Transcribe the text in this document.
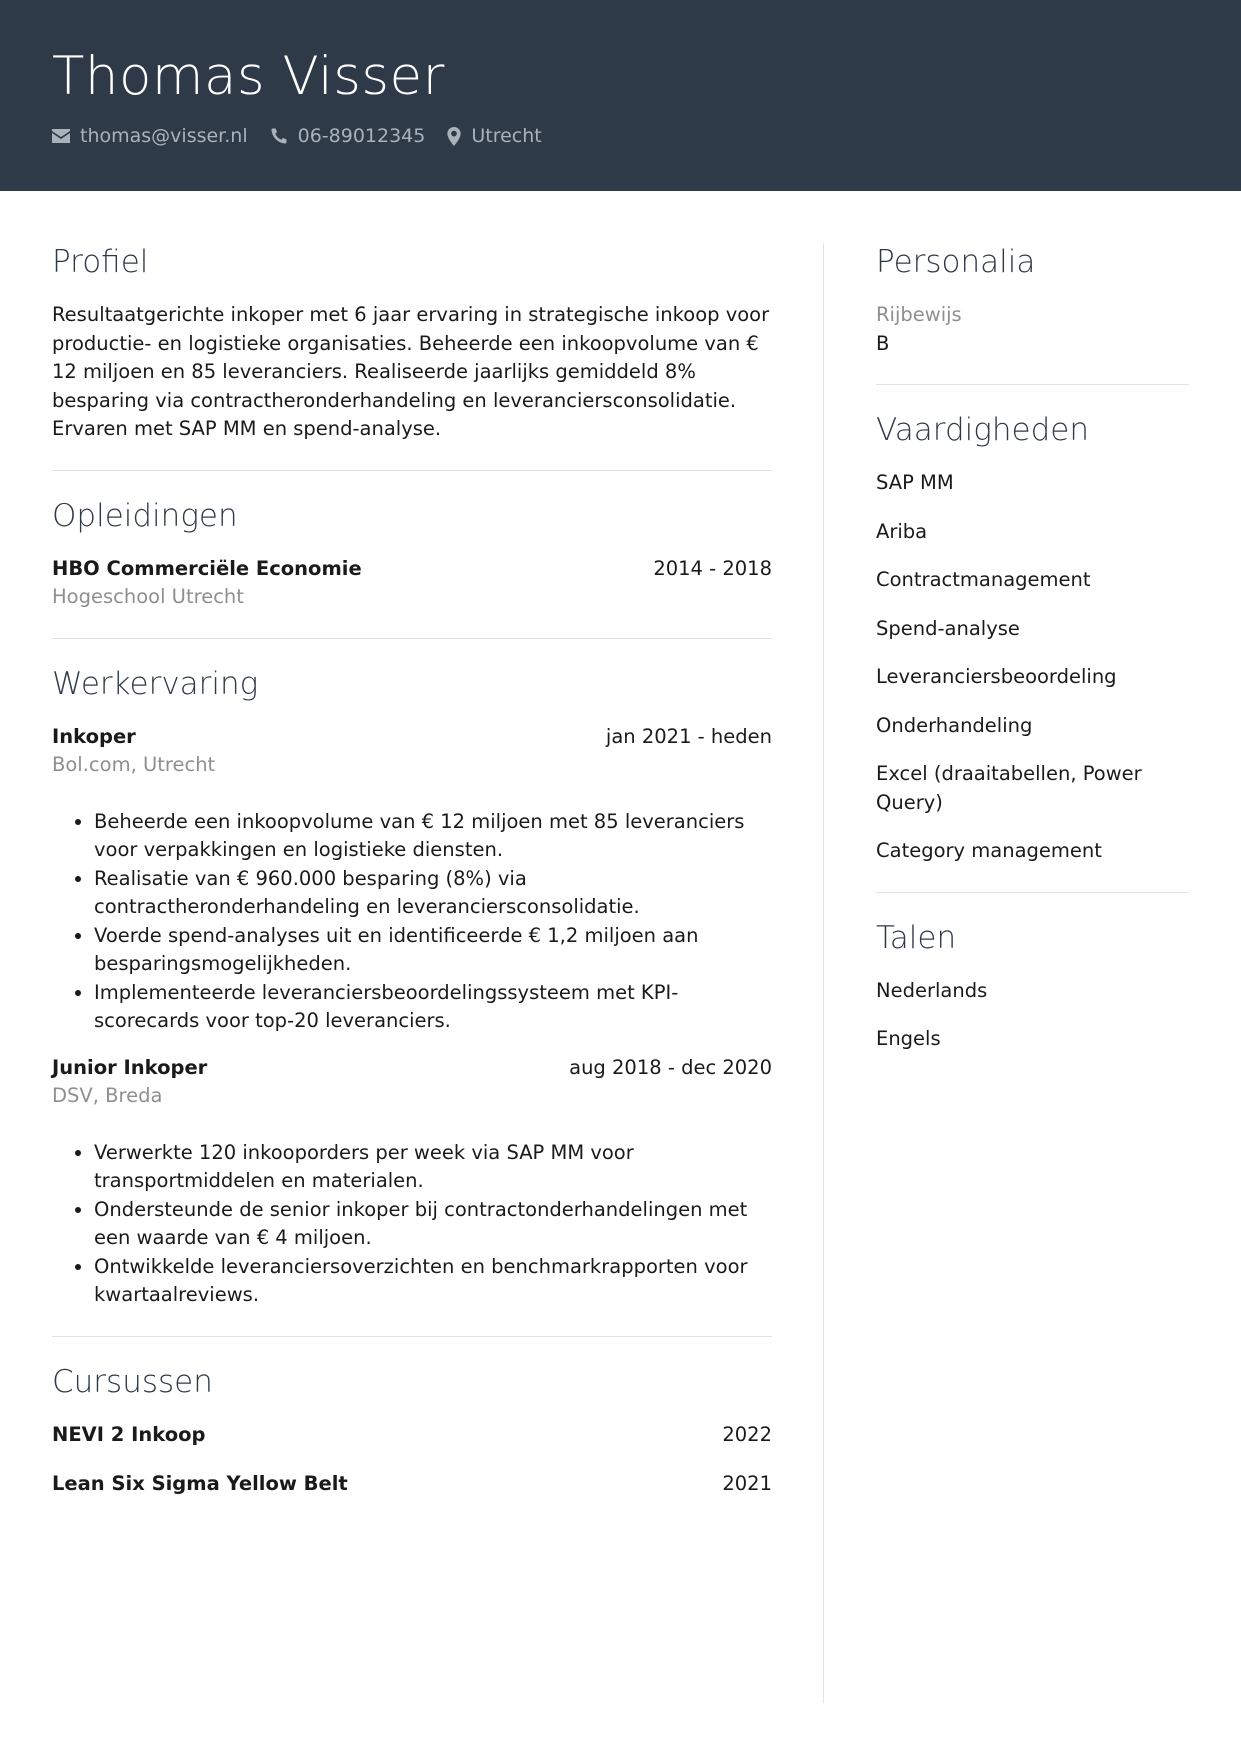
Thomas Visser
thomas@visser.nl	06-89012345 Utrecht
Profiel
Resultaatgerichte inkoper met 6 jaar ervaring in strategische inkoop voor productie- en logistieke organisaties. Beheerde een inkoopvolume van € 12 miljoen en 85 leveranciers. Realiseerde jaarlijks gemiddeld 8% besparing via contractheronderhandeling en leveranciersconsolidatie. Ervaren met SAP MM en spend-analyse.
Opleidingen
HBO Commerciële Economie	2014 - 2018
Hogeschool Utrecht
Werkervaring
Inkoper	jan 2021 - heden
Bol.com, Utrecht
• Beheerde een inkoopvolume van € 12 miljoen met 85 leveranciers voor verpakkingen en logistieke diensten.
• Realisatie van € 960.000 besparing (8%) via contractheronderhandeling en leveranciersconsolidatie.
• Voerde spend-analyses uit en identificeerde € 1,2 miljoen aan besparingsmogelijkheden.
• Implementeerde leveranciersbeoordelingssysteem met KPI-scorecards voor top-20 leveranciers.
Junior Inkoper	aug 2018 - dec 2020
DSV, Breda
• Verwerkte 120 inkooporders per week via SAP MM voor transportmiddelen en materialen.
• Ondersteunde de senior inkoper bij contractonderhandelingen met een waarde van € 4 miljoen.
• Ontwikkelde leveranciersoverzichten en benchmarkrapporten voor kwartaalreviews.
Cursussen
NEVI 2 Inkoop	2022
Lean Six Sigma Yellow Belt	2021
Personalia
Rijbewijs
B
Vaardigheden
SAP MM
Ariba
Contractmanagement
Spend-analyse
Leveranciersbeoordeling
Onderhandeling
Excel (draaitabellen, Power Query)
Category management
Talen
Nederlands
Engels
